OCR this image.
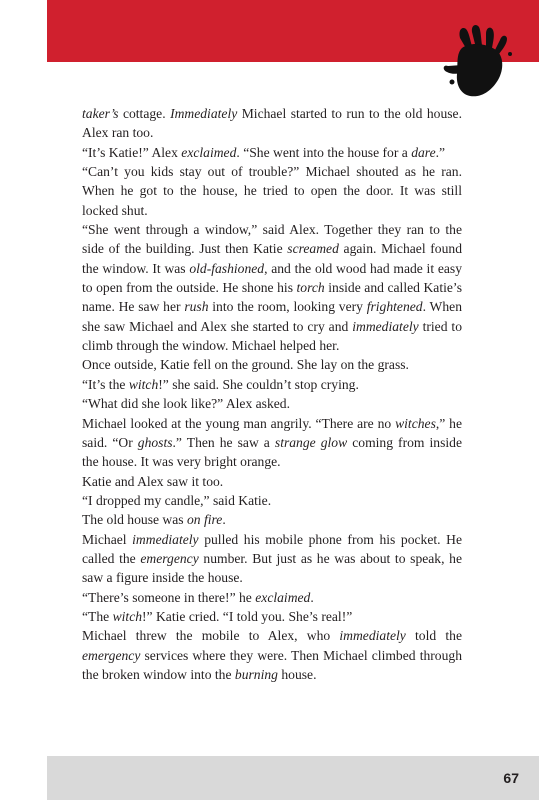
taker’s cottage. Immediately Michael started to run to the old house. Alex ran too.

“It’s Katie!” Alex exclaimed. “She went into the house for a dare.”

“Can’t you kids stay out of trouble?” Michael shouted as he ran. When he got to the house, he tried to open the door. It was still locked shut.

“She went through a window,” said Alex. Together they ran to the side of the building. Just then Katie screamed again. Michael found the window. It was old-fashioned, and the old wood had made it easy to open from the outside. He shone his torch inside and called Katie’s name. He saw her rush into the room, looking very frightened. When she saw Michael and Alex she started to cry and immediately tried to climb through the window. Michael helped her.

Once outside, Katie fell on the ground. She lay on the grass.

“It’s the witch!” she said. She couldn’t stop crying.

“What did she look like?” Alex asked.

Michael looked at the young man angrily. “There are no witches,” he said. “Or ghosts.” Then he saw a strange glow coming from inside the house. It was very bright orange.

Katie and Alex saw it too.

“I dropped my candle,” said Katie.

The old house was on fire.

Michael immediately pulled his mobile phone from his pocket. He called the emergency number. But just as he was about to speak, he saw a figure inside the house.

“There’s someone in there!” he exclaimed.

“The witch!” Katie cried. “I told you. She’s real!”

Michael threw the mobile to Alex, who immediately told the emergency services where they were. Then Michael climbed through the broken window into the burning house.

67
